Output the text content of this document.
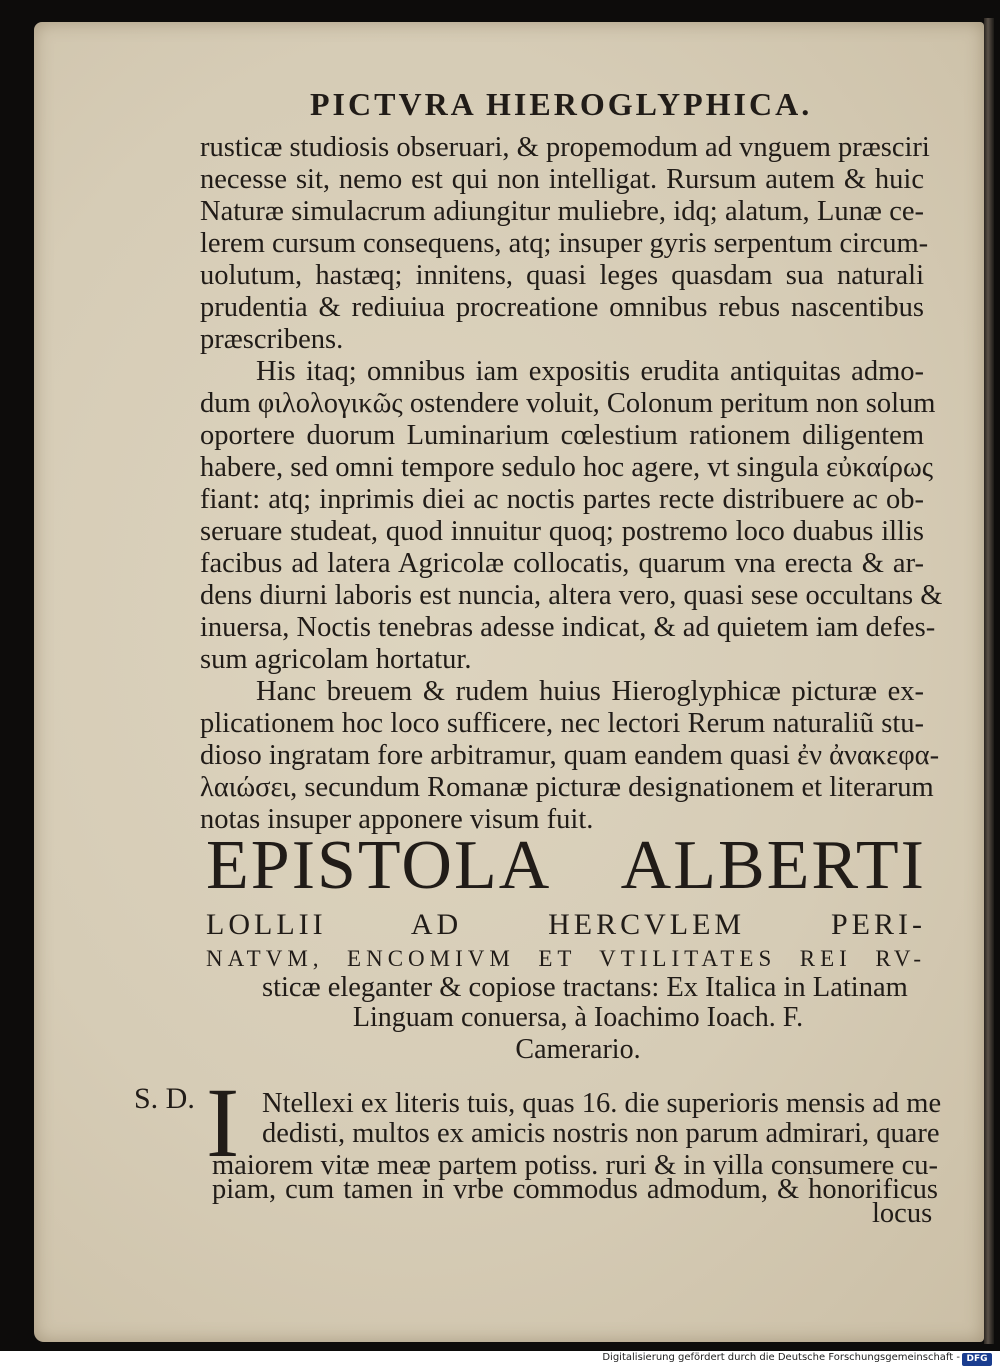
PICTVRA HIEROGLYPHICA.
rusticæ studiosis obseruari, & propemodum ad vnguem præsciri
necesse sit, nemo est qui non intelligat. Rursum autem & huic
Naturæ simulacrum adiungitur muliebre, idq; alatum, Lunæ ce-
lerem cursum consequens, atq; insuper gyris serpentum circum-
uolutum, hastæq; innitens, quasi leges quasdam sua naturali
prudentia & rediuiua procreatione omnibus rebus nascentibus
præscribens.
His itaq; omnibus iam expositis erudita antiquitas admo-
dum φιλολογικῶς ostendere voluit, Colonum peritum non solum
oportere duorum Luminarium cœlestium rationem diligentem
habere, sed omni tempore sedulo hoc agere, vt singula εὐκαίρως
fiant: atq; inprimis diei ac noctis partes recte distribuere ac ob-
seruare studeat, quod innuitur quoq; postremo loco duabus illis
facibus ad latera Agricolæ collocatis, quarum vna erecta & ar-
dens diurni laboris est nuncia, altera vero, quasi sese occultans &
inuersa, Noctis tenebras adesse indicat, & ad quietem iam defes-
sum agricolam hortatur.
Hanc breuem & rudem huius Hieroglyphicæ picturæ ex-
plicationem hoc loco sufficere, nec lectori Rerum naturaliũ stu-
dioso ingratam fore arbitramur, quam eandem quasi ἐν ἀνακεφα-
λαιώσει, secundum Romanæ picturæ designationem et literarum
notas insuper apponere visum fuit.
EPISTOLA ALBERTI
LOLLII AD HERCVLEM PERI-
NATVM, ENCOMIVM ET VTILITATES REI RV-
sticæ eleganter & copiose tractans: Ex Italica in Latinam
Linguam conuersa, à Ioachimo Ioach. F.
Camerario.
S. D. I Ntellexi ex literis tuis, quas 16. die superioris mensis ad me
dedisti, multos ex amicis nostris non parum admirari, quare
maiorem vitæ meæ partem potiss. ruri & in villa consumere cu-
piam, cum tamen in vrbe commodus admodum, & honorificus
locus
Digitalisierung gefördert durch die Deutsche Forschungsgemeinschaft - DFG
